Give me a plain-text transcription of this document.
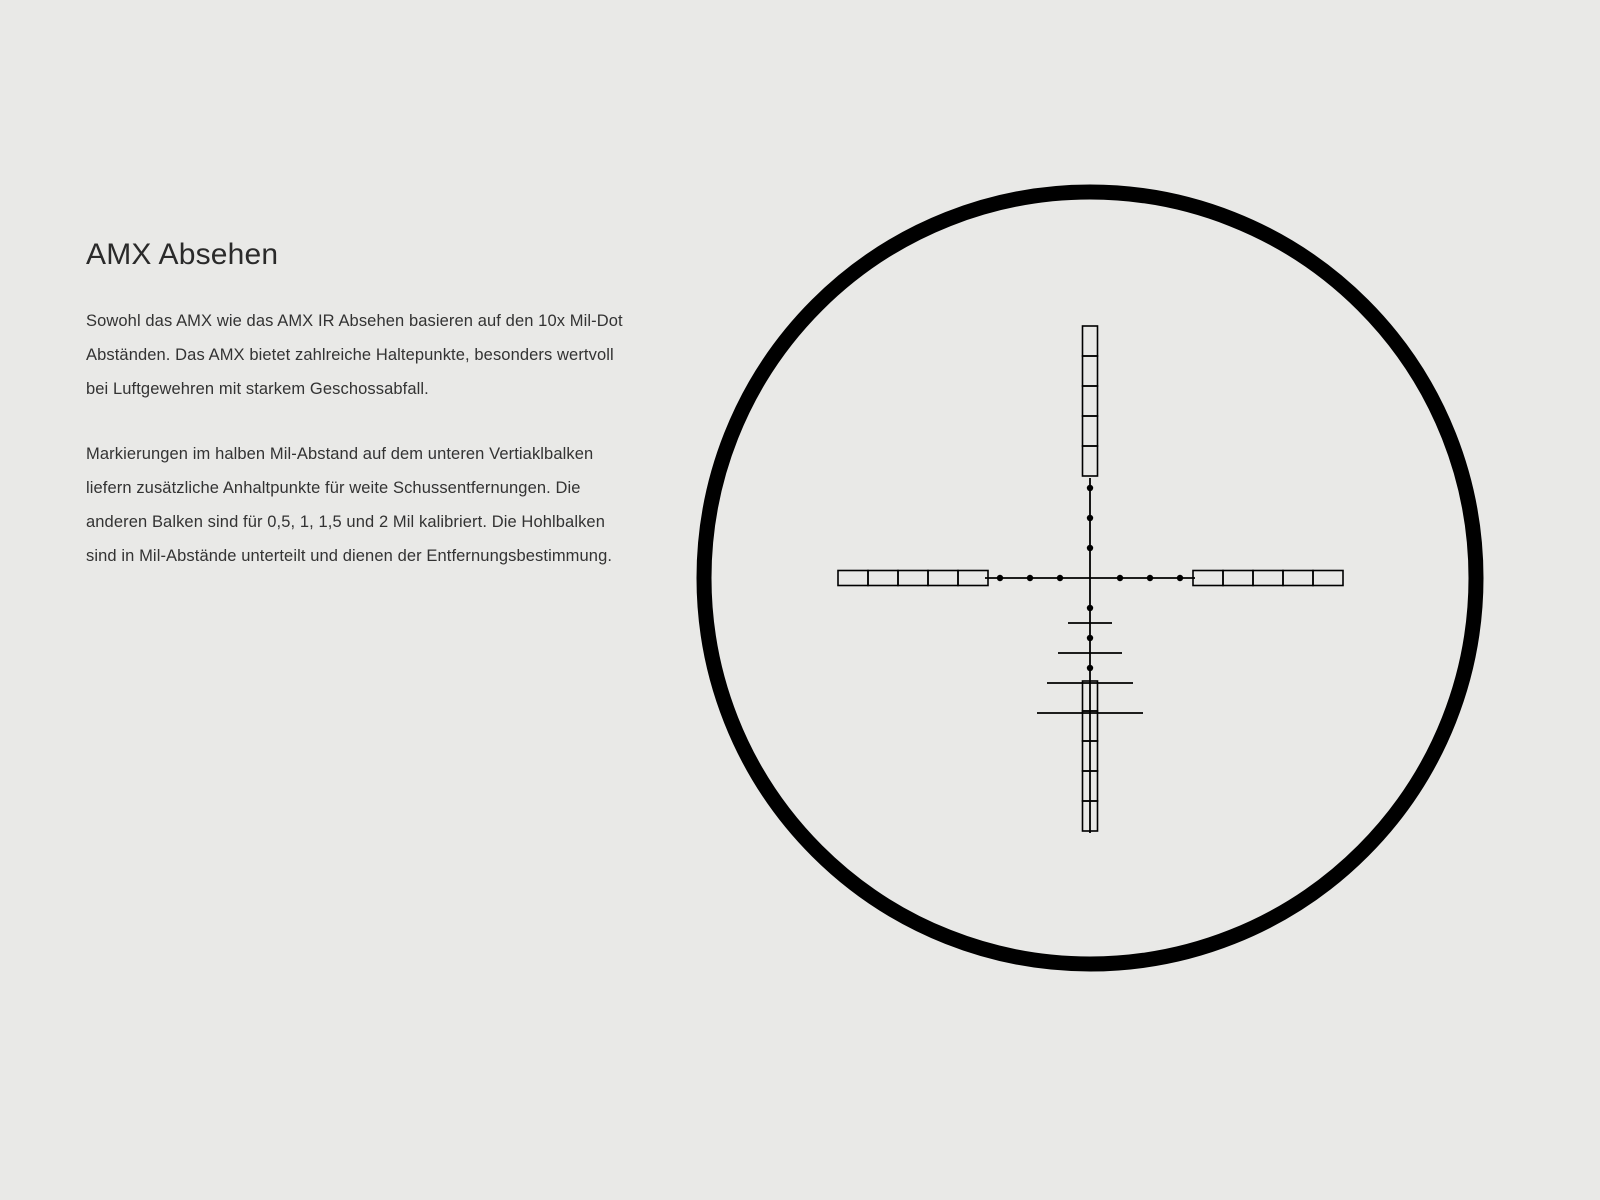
AMX Absehen

Sowohl das AMX wie das AMX IR Absehen basieren auf den 10x Mil-Dot Abständen. Das AMX bietet zahlreiche Haltepunkte, besonders wertvoll bei Luftgewehren mit starkem Geschossabfall.

Markierungen im halben Mil-Abstand auf dem unteren Vertiaklbalken liefern zusätzliche Anhaltpunkte für weite Schussentfernungen. Die anderen Balken sind für 0,5, 1, 1,5 und 2 Mil kalibriert. Die Hohlbalken sind in Mil-Abstände unterteilt und dienen der Entfernungsbestimmung.
